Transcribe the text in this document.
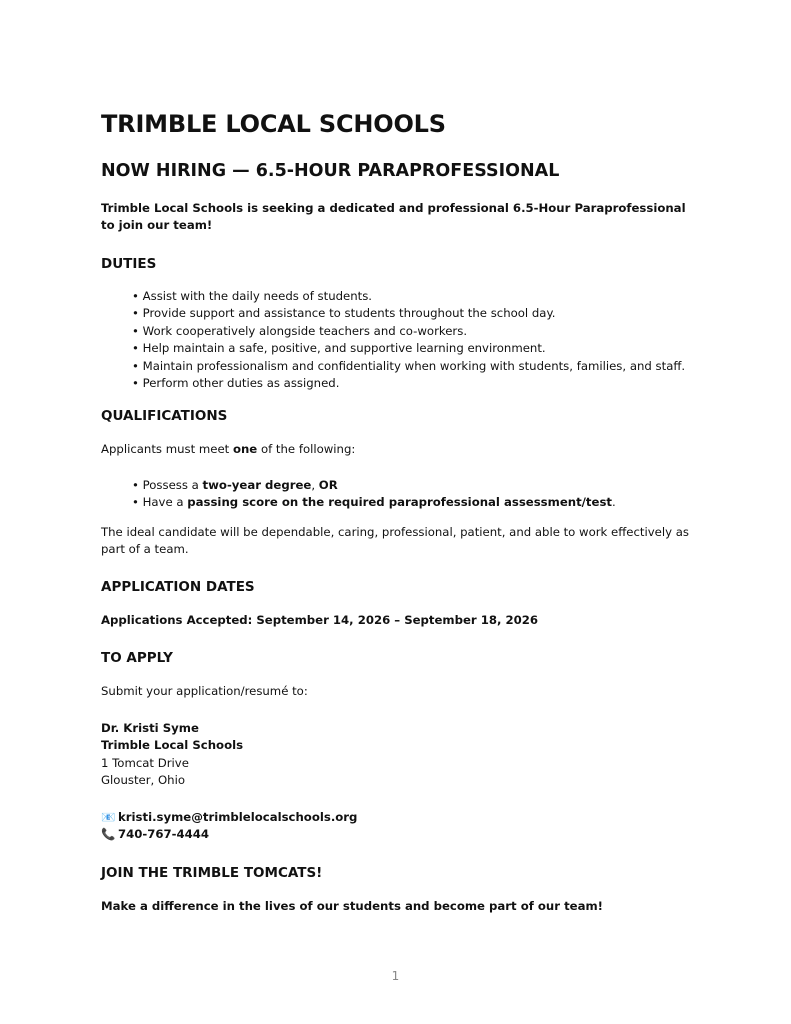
TRIMBLE LOCAL SCHOOLS
NOW HIRING — 6.5-HOUR PARAPROFESSIONAL

Trimble Local Schools is seeking a dedicated and professional 6.5-Hour Paraprofessional to join our team!

DUTIES
• Assist with the daily needs of students.
• Provide support and assistance to students throughout the school day.
• Work cooperatively alongside teachers and co-workers.
• Help maintain a safe, positive, and supportive learning environment.
• Maintain professionalism and confidentiality when working with students, families, and staff.
• Perform other duties as assigned.
QUALIFICATIONS

Applicants must meet one of the following:

• Possess a two-year degree, OR
• Have a passing score on the required paraprofessional assessment/test.

The ideal candidate will be dependable, caring, professional, patient, and able to work effectively as part of a team.

APPLICATION DATES

Applications Accepted: September 14, 2026 – September 18, 2026

TO APPLY

Submit your application/resumé to:

Dr. Kristi Syme
Trimble Local Schools
1 Tomcat Drive
Glouster, Ohio
📧 kristi.syme@trimblelocalschools.org
📞 740-767-4444
JOIN THE TRIMBLE TOMCATS!

Make a difference in the lives of our students and become part of our team!

1
